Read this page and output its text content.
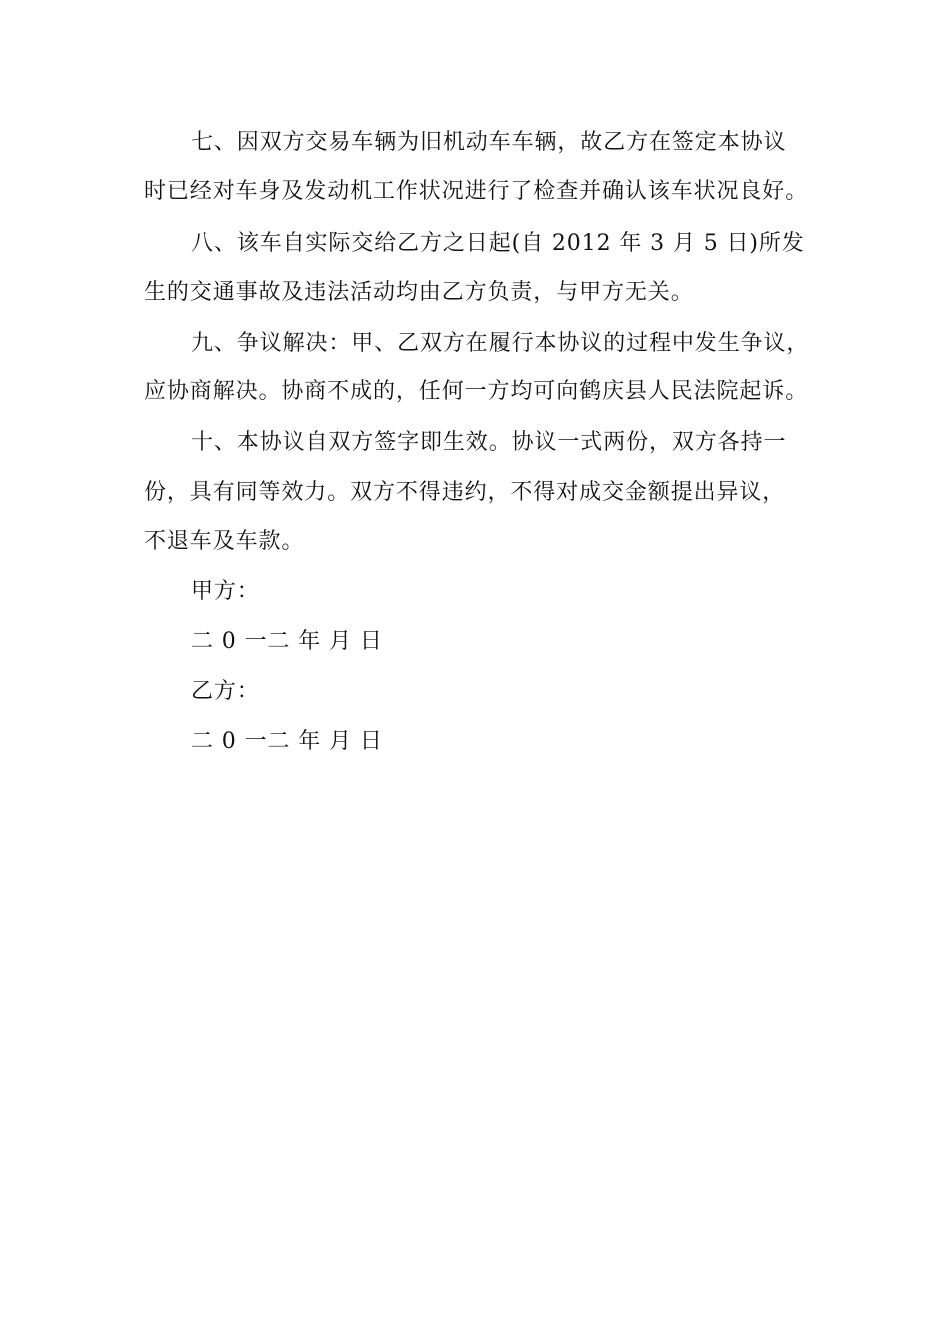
七、因双方交易车辆为旧机动车车辆，故乙方在签定本协议
时已经对车身及发动机工作状况进行了检查并确认该车状况良好。
八、该车自实际交给乙方之日起(自 2012 年 3 月 5 日)所发
生的交通事故及违法活动均由乙方负责，与甲方无关。
九、争议解决：甲、乙双方在履行本协议的过程中发生争议，
应协商解决。协商不成的，任何一方均可向鹤庆县人民法院起诉。
十、本协议自双方签字即生效。协议一式两份，双方各持一
份，具有同等效力。双方不得违约，不得对成交金额提出异议，
不退车及车款。
甲方：
二 0 一二 年 月 日
乙方：
二 0 一二 年 月 日
